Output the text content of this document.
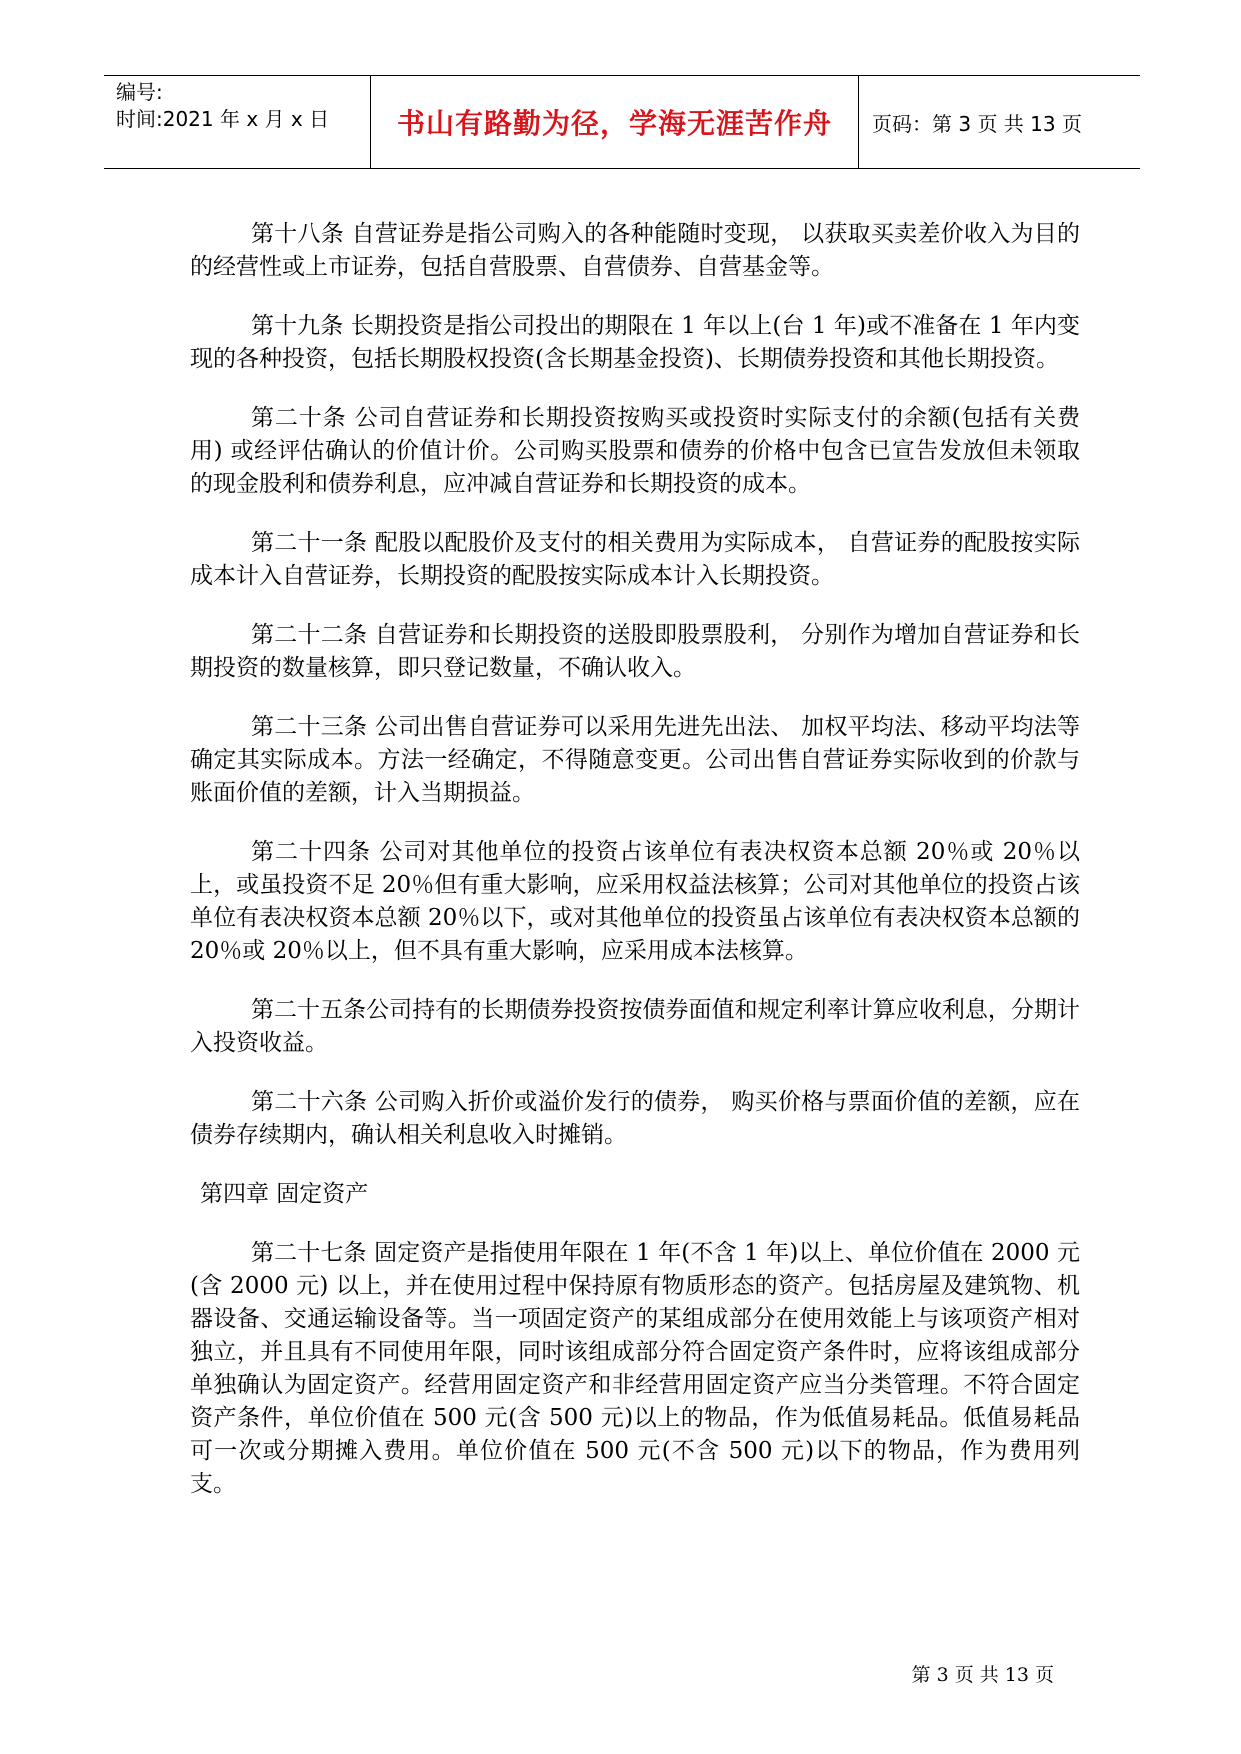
编号:
时间:2021 年 x 月 x 日	书山有路勤为径，学海无涯苦作舟	页码：第 3 页 共 13 页

第十八条 自营证券是指公司购入的各种能随时变现， 以获取买卖差价收入为目的的经营性或上市证券，包括自营股票、自营债券、自营基金等。

第十九条 长期投资是指公司投出的期限在 1 年以上(台 1 年)或不准备在 1 年内变现的各种投资，包括长期股权投资(含长期基金投资)、长期债券投资和其他长期投资。

第二十条 公司自营证券和长期投资按购买或投资时实际支付的余额(包括有关费用) 或经评估确认的价值计价。公司购买股票和债券的价格中包含已宣告发放但未领取的现金股利和债券利息，应冲减自营证券和长期投资的成本。

第二十一条 配股以配股价及支付的相关费用为实际成本， 自营证券的配股按实际成本计入自营证券，长期投资的配股按实际成本计入长期投资。

第二十二条 自营证券和长期投资的送股即股票股利， 分别作为增加自营证券和长期投资的数量核算，即只登记数量，不确认收入。

第二十三条 公司出售自营证券可以采用先进先出法、 加权平均法、移动平均法等确定其实际成本。方法一经确定，不得随意变更。公司出售自营证券实际收到的价款与账面价值的差额，计入当期损益。

第二十四条 公司对其他单位的投资占该单位有表决权资本总额 20％或 20％以上，或虽投资不足 20％但有重大影响，应采用权益法核算；公司对其他单位的投资占该单位有表决权资本总额 20％以下，或对其他单位的投资虽占该单位有表决权资本总额的 20％或 20％以上，但不具有重大影响，应采用成本法核算。

第二十五条公司持有的长期债券投资按债券面值和规定利率计算应收利息，分期计入投资收益。

第二十六条 公司购入折价或溢价发行的债券， 购买价格与票面价值的差额，应在债券存续期内，确认相关利息收入时摊销。

第四章 固定资产

第二十七条 固定资产是指使用年限在 1 年(不含 1 年)以上、单位价值在 2000 元(含 2000 元) 以上，并在使用过程中保持原有物质形态的资产。包括房屋及建筑物、机器设备、交通运输设备等。当一项固定资产的某组成部分在使用效能上与该项资产相对独立，并且具有不同使用年限，同时该组成部分符合固定资产条件时，应将该组成部分单独确认为固定资产。经营用固定资产和非经营用固定资产应当分类管理。不符合固定资产条件，单位价值在 500 元(含 500 元)以上的物品，作为低值易耗品。低值易耗品可一次或分期摊入费用。单位价值在 500 元(不含 500 元)以下的物品，作为费用列支。

第 3 页 共 13 页
